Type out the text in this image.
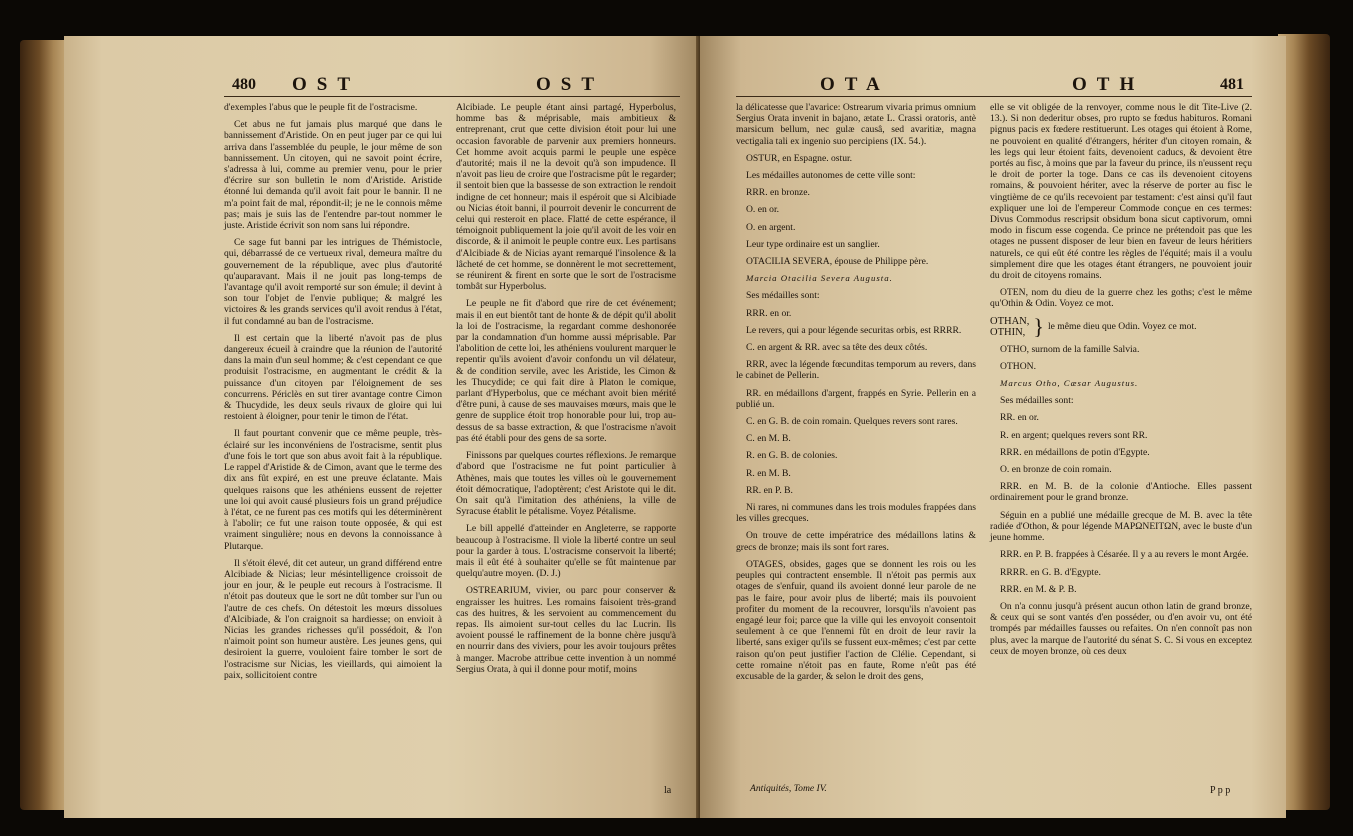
480 OST	OST

d'exemples l'abus que le peuple fit de l'ostracisme.

Cet abus ne fut jamais plus marqué que dans le bannissement d'Aristide. On en peut juger par ce qui lui arriva dans l'assemblée du peuple, le jour même de son bannissement. Un citoyen, qui ne savoit point écrire, s'adressa à lui, comme au premier venu, pour le prier d'écrire sur son bulletin le nom d'Aristide. Aristide étonné lui demanda qu'il avoit fait pour le bannir. Il ne m'a point fait de mal, répondit-il; je ne le connois même pas; mais je suis las de l'entendre par-tout nommer le juste. Aristide écrivit son nom sans lui répondre.

Ce sage fut banni par les intrigues de Thémistocle, qui, débarrassé de ce vertueux rival, demeura maître du gouvernement de la république, avec plus d'autorité qu'auparavant. Mais il ne jouit pas long-temps de l'avantage qu'il avoit remporté sur son émule; il devint à son tour l'objet de l'envie publique; & malgré les victoires & les grands services qu'il avoit rendus à l'état, il fut condamné au ban de l'ostracisme.

Il est certain que la liberté n'avoit pas de plus dangereux écueil à craindre que la réunion de l'autorité dans la main d'un seul homme; & c'est cependant ce que produisit l'ostracisme, en augmentant le crédit & la puissance d'un citoyen par l'éloignement de ses concurrens. Périclès en sut tirer avantage contre Cimon & Thucydide, les deux seuls rivaux de gloire qui lui restoient à éloigner, pour tenir le timon de l'état.

Il faut pourtant convenir que ce même peuple, très-éclairé sur les inconvéniens de l'ostracisme, sentit plus d'une fois le tort que son abus avoit fait à la république. Le rappel d'Aristide & de Cimon, avant que le terme des dix ans fût expiré, en est une preuve éclatante. Mais quelques raisons que les athéniens eussent de rejetter une loi qui avoit causé plusieurs fois un grand préjudice à l'état, ce ne furent pas ces motifs qui les déterminèrent à l'abolir; ce fut une raison toute opposée, & qui est vraiment singulière; nous en devons la connoissance à Plutarque.

Il s'étoit élevé, dit cet auteur, un grand différend entre Alcibiade & Nicias; leur mésintelligence croissoit de jour en jour, & le peuple eut recours à l'ostracisme. Il n'étoit pas douteux que le sort ne dût tomber sur l'un ou l'autre de ces chefs. On détestoit les mœurs dissolues d'Alcibiade, & l'on craignoit sa hardiesse; on envioit à Nicias les grandes richesses qu'il possédoit, & l'on n'aimoit point son humeur austère. Les jeunes gens, qui desiroient la guerre, vouloient faire tomber le sort de l'ostracisme sur Nicias, les vieillards, qui aimoient la paix, sollicitoient contre

Alcibiade. Le peuple étant ainsi partagé, Hyperbolus, homme bas & méprisable, mais ambitieux & entreprenant, crut que cette division étoit pour lui une occasion favorable de parvenir aux premiers honneurs. Cet homme avoit acquis parmi le peuple une espèce d'autorité; mais il ne la devoit qu'à son impudence. Il n'avoit pas lieu de croire que l'ostracisme pût le regarder; il sentoit bien que la bassesse de son extraction le rendoit indigne de cet honneur; mais il espéroit que si Alcibiade ou Nicias étoit banni, il pourroit devenir le concurrent de celui qui resteroit en place. Flatté de cette espérance, il témoignoit publiquement la joie qu'il avoit de les voir en discorde, & il animoit le peuple contre eux. Les partisans d'Alcibiade & de Nicias ayant remarqué l'insolence & la lâcheté de cet homme, se donnèrent le mot secrettement, se réunirent & firent en sorte que le sort de l'ostracisme tombât sur Hyperbolus.

Le peuple ne fit d'abord que rire de cet événement; mais il en eut bientôt tant de honte & de dépit qu'il abolit la loi de l'ostracisme, la regardant comme deshonorée par la condamnation d'un homme aussi méprisable. Par l'abolition de cette loi, les athéniens voulurent marquer le repentir qu'ils avoient d'avoir confondu un vil délateur, & de condition servile, avec les Aristide, les Cimon & les Thucydide; ce qui fait dire à Platon le comique, parlant d'Hyperbolus, que ce méchant avoit bien mérité d'être puni, à cause de ses mauvaises mœurs, mais que le genre de supplice étoit trop honorable pour lui, trop au-dessus de sa basse extraction, & que l'ostracisme n'avoit pas été établi pour des gens de sa sorte.

Finissons par quelques courtes réflexions. Je remarque d'abord que l'ostracisme ne fut point particulier à Athènes, mais que toutes les villes où le gouvernement étoit démocratique, l'adoptèrent; c'est Aristote qui le dit. On sait qu'à l'imitation des athéniens, la ville de Syracuse établit le pétalisme. Voyez Pétalisme.

Le bill appellé d'atteinder en Angleterre, se rapporte beaucoup à l'ostracisme. Il viole la liberté contre un seul pour la garder à tous. L'ostracisme conservoit la liberté; mais il eût été à souhaiter qu'elle se fût maintenue par quelqu'autre moyen. (D. J.)

OSTREARIUM, vivier, ou parc pour conserver & engraisser les huitres. Les romains faisoient très-grand cas des huitres, & les servoient au commencement du repas. Ils aimoient sur-tout celles du lac Lucrin. Ils avoient poussé le raffinement de la bonne chère jusqu'à en nourrir dans des viviers, pour les avoir toujours prêtes à manger. Macrobe attribue cette invention à un nommé Sergius Orata, à qui il donne pour motif, moins

la
OTA	OTH	481

la délicatesse que l'avarice: Ostrearum vivaria primus omnium Sergius Orata invenit in bajano, ætate L. Crassi oratoris, antè marsicum bellum, nec gulæ causâ, sed avaritiæ, magna vectigalia tali ex ingenio suo percipiens (IX. 54.).

OSTUR, en Espagne. ostur.

Les médailles autonomes de cette ville sont:

RRR. en bronze.

O. en or.

O. en argent.

Leur type ordinaire est un sanglier.

OTACILIA SEVERA, épouse de Philippe père.

Marcia Otacilia Severa Augusta.

Ses médailles sont:

RRR. en or.

Le revers, qui a pour légende securitas orbis, est RRRR.

C. en argent & RR. avec sa tête des deux côtés.

RRR, avec la légende fœcunditas temporum au revers, dans le cabinet de Pellerin.

RR. en médaillons d'argent, frappés en Syrie. Pellerin en a publié un.

C. en G. B. de coin romain. Quelques revers sont rares.

C. en M. B.

R. en G. B. de colonies.

R. en M. B.

RR. en P. B.

Ni rares, ni communes dans les trois modules frappées dans les villes grecques.

On trouve de cette impératrice des médaillons latins & grecs de bronze; mais ils sont fort rares.

OTAGES, obsides, gages que se donnent les rois ou les peuples qui contractent ensemble. Il n'étoit pas permis aux otages de s'enfuir, quand ils avoient donné leur parole de ne pas le faire, pour avoir plus de liberté; mais ils pouvoient profiter du moment de la recouvrer, lorsqu'ils n'avoient pas engagé leur foi; parce que la ville qui les envoyoit consentoit seulement à ce que l'ennemi fût en droit de leur ravir la liberté, sans exiger qu'ils se fussent eux-mêmes; c'est par cette raison qu'on peut justifier l'action de Clélie. Cependant, si cette romaine n'étoit pas en faute, Rome n'eût pas été excusable de la garder, & selon le droit des gens,

elle se vit obligée de la renvoyer, comme nous le dit Tite-Live (2. 13.). Si non dederitur obses, pro rupto se fœdus habituros. Romani pignus pacis ex fœdere restituerunt. Les otages qui étoient à Rome, ne pouvoient en qualité d'étrangers, hériter d'un citoyen romain, & les legs qui leur étoient faits, devenoient caducs, & devoient être portés au fisc, à moins que par la faveur du prince, ils n'eussent reçu le droit de porter la toge. Dans ce cas ils devenoient citoyens romains, & pouvoient hériter, avec la réserve de porter au fisc le vingtième de ce qu'ils recevoient par testament: c'est ainsi qu'il faut expliquer une loi de l'empereur Commode conçue en ces termes: Divus Commodus rescripsit obsidum bona sicut captivorum, omni modo in fiscum esse cogenda. Ce prince ne prétendoit pas que les otages ne pussent disposer de leur bien en faveur de leurs héritiers naturels, ce qui eût été contre les règles de l'équité; mais il a voulu simplement dire que les otages étant étrangers, ne pouvoient jouir du droit de citoyens romains.

OTEN, nom du dieu de la guerre chez les goths; c'est le même qu'Othin & Odin. Voyez ce mot.

OTHAN,
OTHIN, } le même dieu que Odin. Voyez ce mot.

OTHO, surnom de la famille Salvia.

OTHON.

Marcus Otho, Cæsar Augustus.

Ses médailles sont:

RR. en or.

R. en argent; quelques revers sont RR.

RRR. en médaillons de potin d'Egypte.

O. en bronze de coin romain.

RRR. en M. B. de la colonie d'Antioche. Elles passent ordinairement pour le grand bronze.

Séguin en a publié une médaille grecque de M. B. avec la tête radiée d'Othon, & pour légende ΜΑΡΩΝΕΙΤΩΝ, avec le buste d'un jeune homme.

RRR. en P. B. frappées à Césarée. Il y a au revers le mont Argée.

RRRR. en G. B. d'Egypte.

RRR. en M. & P. B.

On n'a connu jusqu'à présent aucun othon latin de grand bronze, & ceux qui se sont vantés d'en posséder, ou d'en avoir vu, ont été trompés par médailles fausses ou refaites. On n'en connoît pas non plus, avec la marque de l'autorité du sénat S. C. Si vous en exceptez ceux de moyen bronze, où ces deux

Antiquités, Tome IV.	P p p
